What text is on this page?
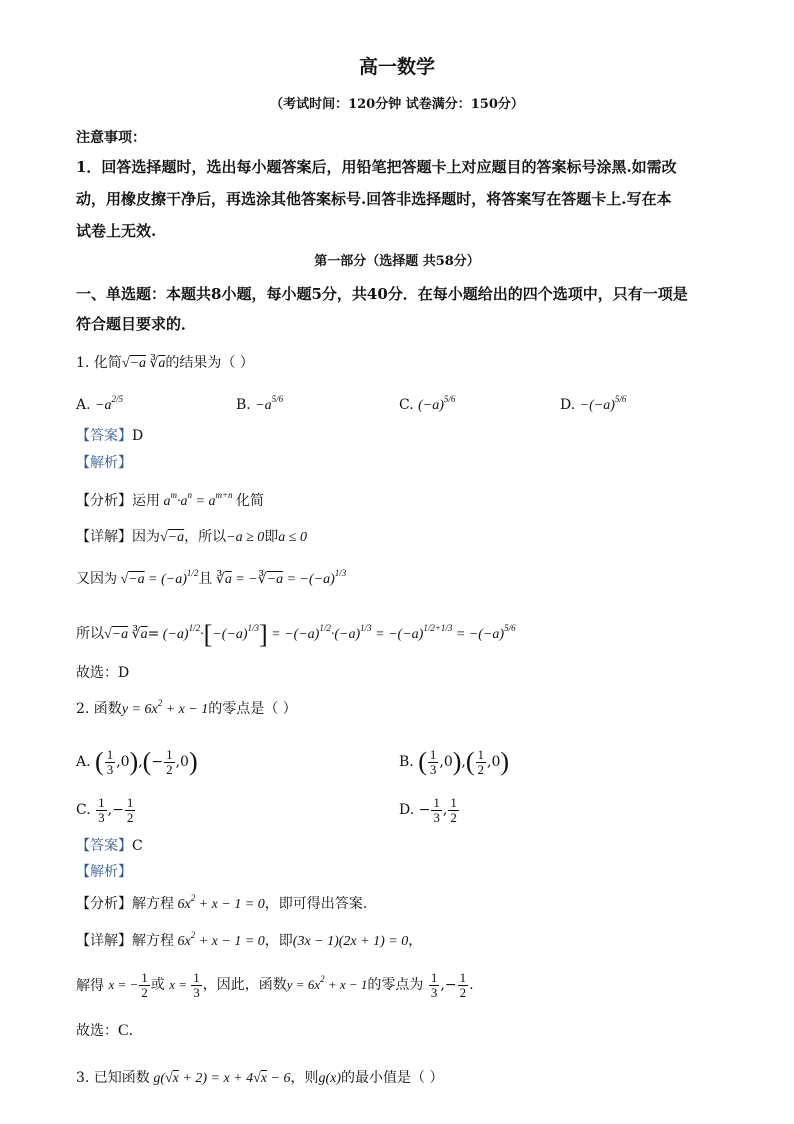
高一数学
（考试时间：120分钟 试卷满分：150分）
注意事项：
1．回答选择题时，选出每小题答案后，用铅笔把答题卡上对应题目的答案标号涂黑.如需改
动，用橡皮擦干净后，再选涂其他答案标号.回答非选择题时，将答案写在答题卡上.写在本
试卷上无效.
第一部分（选择题 共58分）
一、单选题：本题共8小题，每小题5分，共40分．在每小题给出的四个选项中，只有一项是
符合题目要求的．
1. 化简√−a $∛\overline{a}$的结果为（ ）
A. $-a^{2/5}$	B. $-a^{5/6}$	C. $(-a)^{5/6}$	D. $-(-a)^{5/6}$
【答案】D
【解析】
【分析】运用 $a^m\cdot a^n = a^{m+n}$ 化简
【详解】因为√−a，所以−a ≥ 0即a ≤ 0
又因为 $√-a = (-a)^{1/2}$且 $∛\overline{a}$ = −∛−a = $-(-a)^{1/3}$
所以√−a $∛\overline{a}= (-a)^{1/2}\cdot[-(-a)^{1/3}] = -(-a)^{1/2}\cdot(-a)^{1/3} = -(-a)^{1/2+1/3} = -(-a)^{5/6}$
故选：D
2. 函数$y = 6x^2 + x - 1$的零点是（ ）
A. ( $\frac{1}{3} ,0),(- \frac{1}{2} ,0)$	B. ( $\frac{1}{3} ,0),( \frac{1}{2} ,0)$
C. $\frac{1}{3}$ ,− $\frac{1}{2}$	D. − $\frac{1}{3}$ , $\frac{1}{2}$
【答案】C
【解析】
【分析】解方程 $6x^2 + x - 1 = 0$，即可得出答案.
【详解】解方程 $6x^2 + x - 1 = 0$，即(3x − 1)(2x + 1) = 0，
解得 x = − $\frac{1}{2}$ 或 $x = \frac{1}{3}$ ，因此，函数$y = 6x^2 + x - 1$的零点为 $\frac{1}{3}$ ,− $\frac{1}{2}$ .
故选：C.
3. 已知函数 g(√x + 2) = x + 4√x − 6，则g(x)的最小值是（ ）
